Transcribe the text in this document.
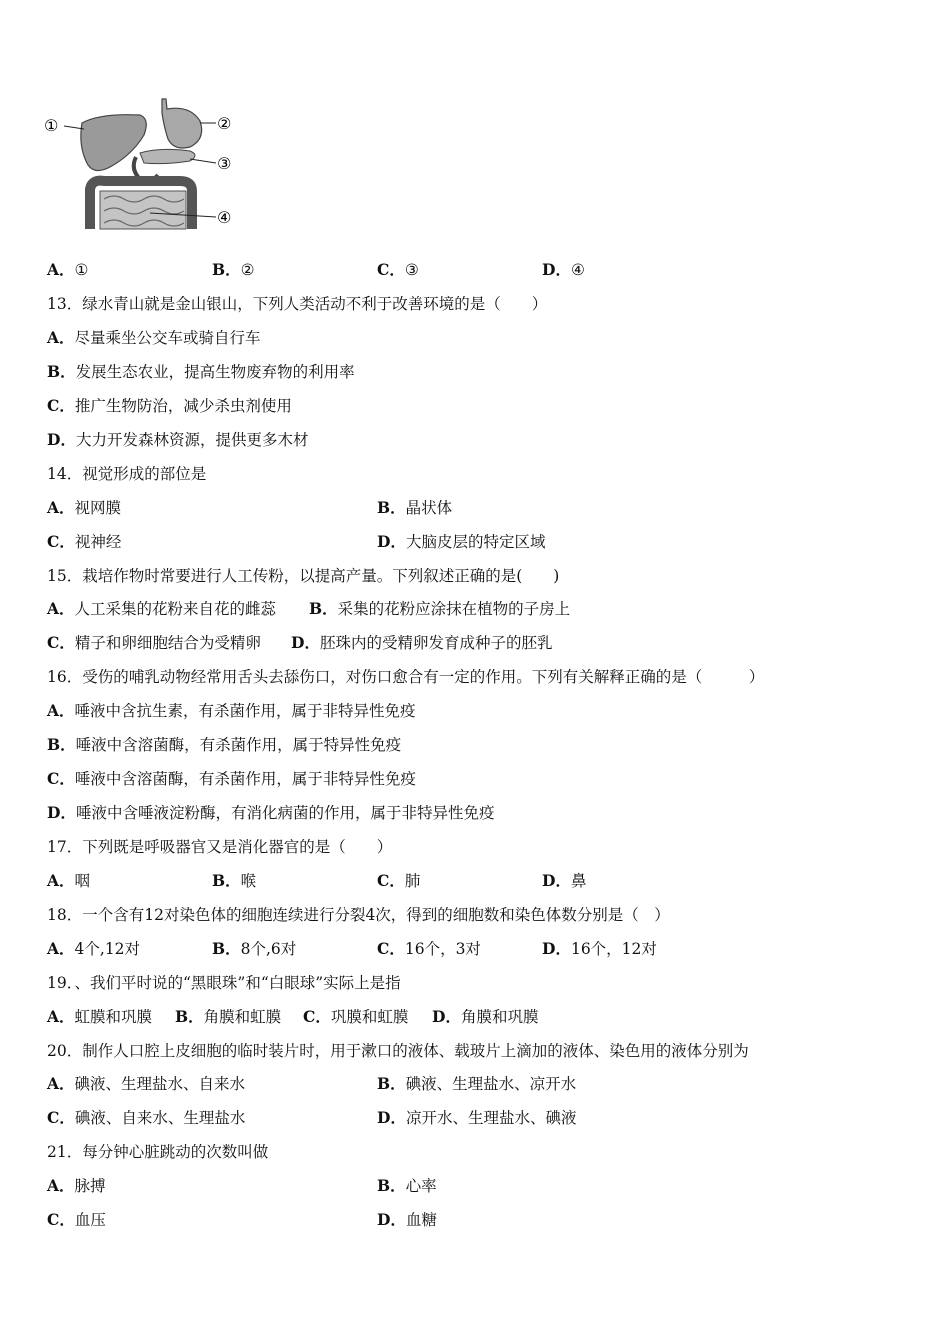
①	②
③
④
A．①	B．②	C．③	D．④
13．绿水青山就是金山银山，下列人类活动不利于改善环境的是（　　）
A．尽量乘坐公交车或骑自行车
B．发展生态农业，提高生物废弃物的利用率
C．推广生物防治，减少杀虫剂使用
D．大力开发森林资源，提供更多木材
14．视觉形成的部位是
A．视网膜	B．晶状体
C．视神经	D．大脑皮层的特定区域
15．栽培作物时常要进行人工传粉，以提高产量。下列叙述正确的是(　　)
A．人工采集的花粉来自花的雌蕊 B．采集的花粉应涂抹在植物的子房上
C．精子和卵细胞结合为受精卵 D．胚珠内的受精卵发育成种子的胚乳
16．受伤的哺乳动物经常用舌头去舔伤口，对伤口愈合有一定的作用。下列有关解释正确的是（　　　）
A．唾液中含抗生素，有杀菌作用，属于非特异性免疫
B．唾液中含溶菌酶，有杀菌作用，属于特异性免疫
C．唾液中含溶菌酶，有杀菌作用，属于非特异性免疫
D．唾液中含唾液淀粉酶，有消化病菌的作用，属于非特异性免疫
17．下列既是呼吸器官又是消化器官的是（　　）
A．咽	B．喉	C．肺	D．鼻
18．一个含有12对染色体的细胞连续进行分裂4次，得到的细胞数和染色体数分别是（　）
A．4个,12对	B．8个,6对	C．16个，3对	D．16个，12对
19．、我们平时说的“黑眼珠”和“白眼球”实际上是指
A．虹膜和巩膜 B．角膜和虹膜 C．巩膜和虹膜 D．角膜和巩膜
20．制作人口腔上皮细胞的临时装片时，用于漱口的液体、载玻片上滴加的液体、染色用的液体分别为
A．碘液、生理盐水、自来水	B．碘液、生理盐水、凉开水
C．碘液、自来水、生理盐水	D．凉开水、生理盐水、碘液
21．每分钟心脏跳动的次数叫做
A．脉搏	B．心率
C．血压	D．血糖
